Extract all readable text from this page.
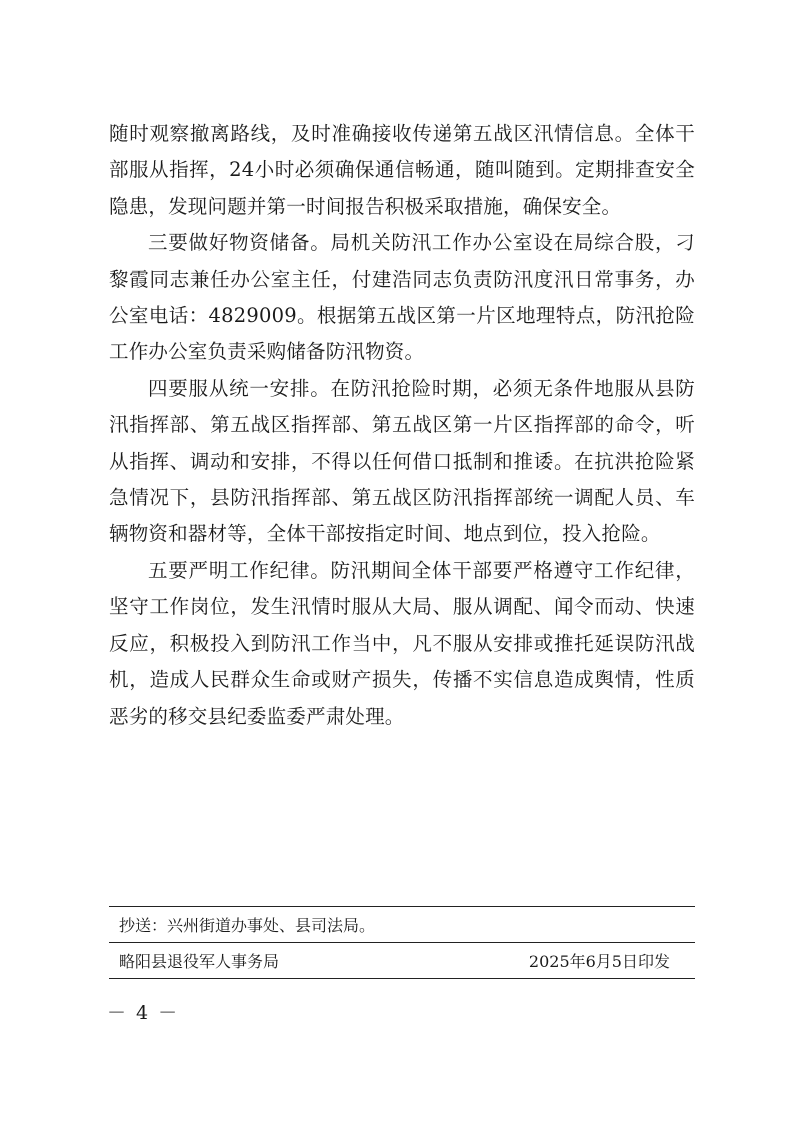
随时观察撤离路线，及时准确接收传递第五战区汛情信息。全体干部服从指挥，24小时必须确保通信畅通，随叫随到。定期排查安全隐患，发现问题并第一时间报告积极采取措施，确保安全。

三要做好物资储备。局机关防汛工作办公室设在局综合股，刁黎霞同志兼任办公室主任，付建浩同志负责防汛度汛日常事务，办公室电话：4829009。根据第五战区第一片区地理特点，防汛抢险工作办公室负责采购储备防汛物资。

四要服从统一安排。在防汛抢险时期，必须无条件地服从县防汛指挥部、第五战区指挥部、第五战区第一片区指挥部的命令，听从指挥、调动和安排，不得以任何借口抵制和推诿。在抗洪抢险紧急情况下，县防汛指挥部、第五战区防汛指挥部统一调配人员、车辆物资和器材等，全体干部按指定时间、地点到位，投入抢险。

五要严明工作纪律。防汛期间全体干部要严格遵守工作纪律，坚守工作岗位，发生汛情时服从大局、服从调配、闻令而动、快速反应，积极投入到防汛工作当中，凡不服从安排或推托延误防汛战机，造成人民群众生命或财产损失，传播不实信息造成舆情，性质恶劣的移交县纪委监委严肃处理。

抄送：兴州街道办事处、县司法局。
略阳县退役军人事务局	2025年6月5日印发
－ 4 －
